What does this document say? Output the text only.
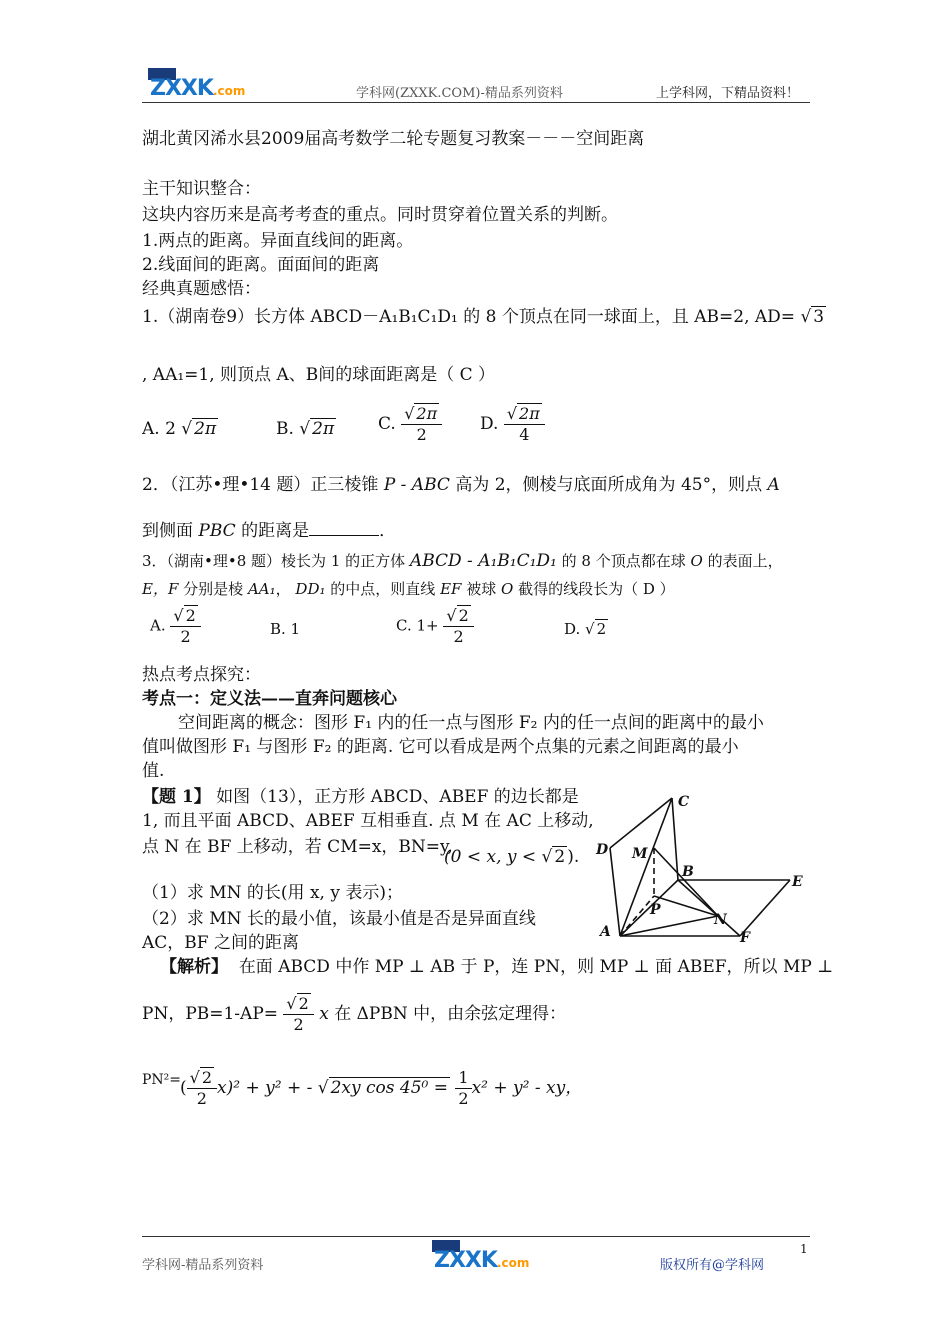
ZXXK.com	学科网(ZXXK.COM)-精品系列资料	上学科网，下精品资料！
湖北黄冈浠水县2009届高考数学二轮专题复习教案－－－空间距离
主干知识整合：
这块内容历来是高考考查的重点。同时贯穿着位置关系的判断。
1.两点的距离。异面直线间的距离。
2.线面间的距离。面面间的距离
经典真题感悟：
1.（湖南卷9）长方体 ABCD－A₁B₁C₁D₁ 的 8 个顶点在同一球面上，且 AB=2, AD= √ 3
, AA₁=1, 则顶点 A、B间的球面距离是（ C ）
A. 2 √ 2π	B. √ 2π	C. $\frac{√ 2\pi}{2} D$. $\frac{√ 2\pi}{4}$
2．（江苏•理•14 题）正三棱锥 P - ABC 高为 2，侧棱与底面所成角为 45°，则点 A
到侧面 PBC 的距离是	．
3．（湖南•理•8 题）棱长为 1 的正方体 ABCD - A₁B₁C₁D₁ 的 8 个顶点都在球 O 的表面上，
E，F 分别是棱 AA₁， DD₁ 的中点，则直线 EF 被球 O 截得的线段长为（ D ）
A. $\frac{√ 2}{2}$	B. 1	C. $1+ \frac{√ 2}{2}$	D. √ 2
热点考点探究：
考点一：定义法——直奔问题核心
空间距离的概念：图形 F₁ 内的任一点与图形 F₂ 内的任一点间的距离中的最小
值叫做图形 F₁ 与图形 F₂ 的距离. 它可以看成是两个点集的元素之间距离的最小
值.
【题 1】 如图（13），正方形 ABCD、ABEF 的边长都是
1, 而且平面 ABCD、ABEF 互相垂直. 点 M 在 AC 上移动,
点 N 在 BF 上移动，若 CM=x，BN=y,
(0 < x, y < √ 2 ).
（1）求 MN 的长(用 x, y 表示)；
（2）求 MN 长的最小值，该最小值是否是异面直线
AC，BF 之间的距离
C
D M
B
E
P
N
A	F
【解析】 在面 ABCD 中作 MP ⊥ AB 于 P，连 PN，则 MP ⊥ 面 ABEF，所以 MP ⊥
PN，$PB=1-AP= \frac{√ 2}{2}$ x 在 ΔPBN 中，由余弦定理得：
PN²=
( $\frac{√ 2}{2} x)^2 + y^2$ + - √ 2xy $\cos 45^0 = \frac{1}{2} x^2 + y^2$ - xy，
1
学科网-精品系列资料	ZXXK.com	版权所有@学科网
